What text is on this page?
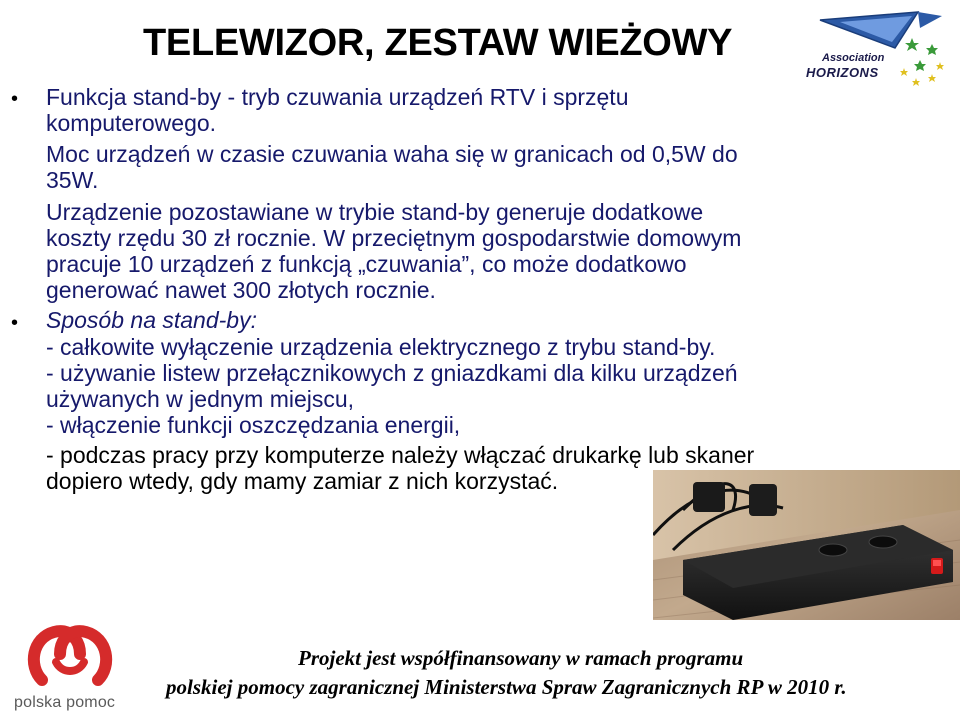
TELEWIZOR, ZESTAW WIEŻOWY	Association
HORIZONS
• Funkcja stand-by - tryb czuwania urządzeń RTV i sprzętu
komputerowego.
Moc urządzeń w czasie czuwania waha się w granicach od 0,5W do
35W.
Urządzenie pozostawiane w trybie stand-by generuje dodatkowe
koszty rzędu 30 zł rocznie. W przeciętnym gospodarstwie domowym
pracuje 10 urządzeń z funkcją „czuwania”, co może dodatkowo
generować nawet 300 złotych rocznie.
• Sposób na stand-by:
- całkowite wyłączenie urządzenia elektrycznego z trybu stand-by.
- używanie listew przełącznikowych z gniazdkami dla kilku urządzeń
używanych w jednym miejscu,
- włączenie funkcji oszczędzania energii,
- podczas pracy przy komputerze należy włączać drukarkę lub skaner
dopiero wtedy, gdy mamy zamiar z nich korzystać.
polska pomoc
Projekt jest współfinansowany w ramach programu
polskiej pomocy zagranicznej Ministerstwa Spraw Zagranicznych RP w 2010 r.
